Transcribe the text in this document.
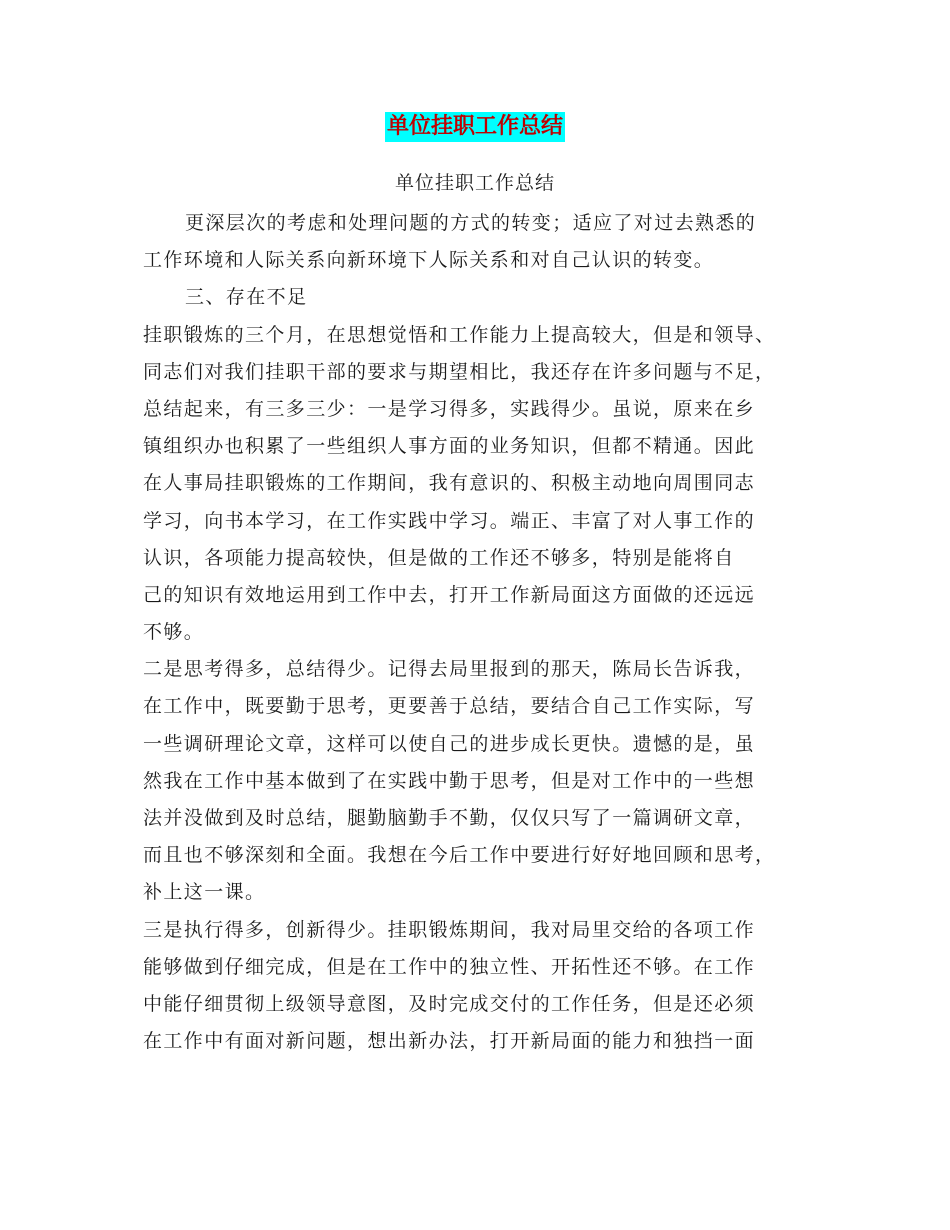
单位挂职工作总结
单位挂职工作总结
更深层次的考虑和处理问题的方式的转变；适应了对过去熟悉的
工作环境和人际关系向新环境下人际关系和对自己认识的转变。
三、存在不足
挂职锻炼的三个月，在思想觉悟和工作能力上提高较大，但是和领导、
同志们对我们挂职干部的要求与期望相比，我还存在许多问题与不足，
总结起来，有三多三少：一是学习得多，实践得少。虽说，原来在乡
镇组织办也积累了一些组织人事方面的业务知识，但都不精通。因此
在人事局挂职锻炼的工作期间，我有意识的、积极主动地向周围同志
学习，向书本学习，在工作实践中学习。端正、丰富了对人事工作的
认识，各项能力提高较快，但是做的工作还不够多，特别是能将自
己的知识有效地运用到工作中去，打开工作新局面这方面做的还远远
不够。
二是思考得多，总结得少。记得去局里报到的那天，陈局长告诉我，
在工作中，既要勤于思考，更要善于总结，要结合自己工作实际，写
一些调研理论文章，这样可以使自己的进步成长更快。遗憾的是，虽
然我在工作中基本做到了在实践中勤于思考，但是对工作中的一些想
法并没做到及时总结，腿勤脑勤手不勤，仅仅只写了一篇调研文章，
而且也不够深刻和全面。我想在今后工作中要进行好好地回顾和思考，
补上这一课。
三是执行得多，创新得少。挂职锻炼期间，我对局里交给的各项工作
能够做到仔细完成，但是在工作中的独立性、开拓性还不够。在工作
中能仔细贯彻上级领导意图，及时完成交付的工作任务，但是还必须
在工作中有面对新问题，想出新办法，打开新局面的能力和独挡一面
